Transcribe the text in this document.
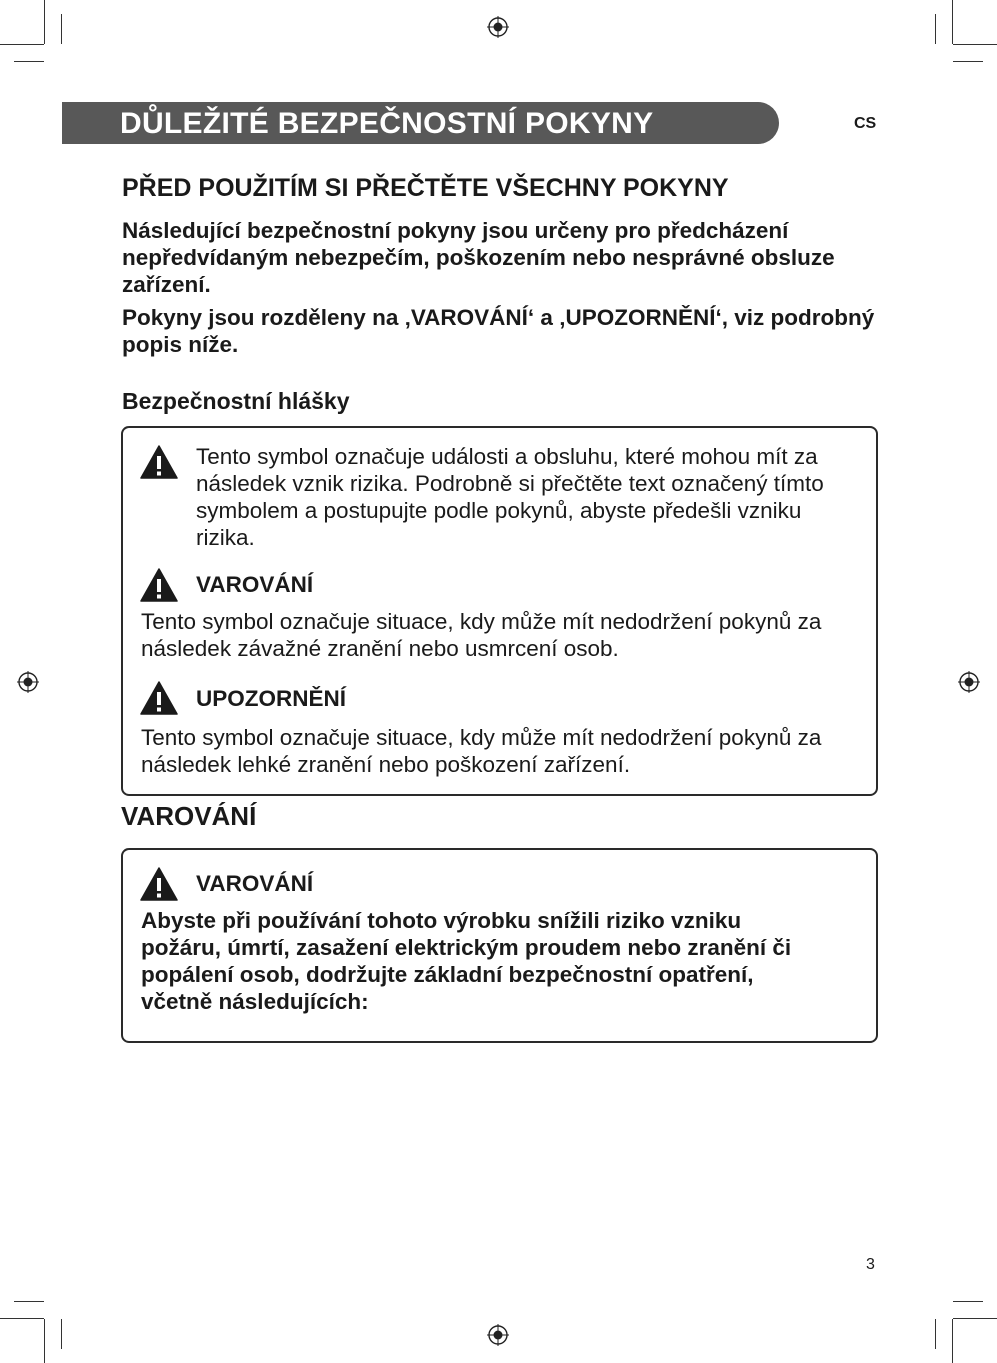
DŮLEŽITÉ BEZPEČNOSTNÍ POKYNY	CS
PŘED POUŽITÍM SI PŘEČTĚTE VŠECHNY POKYNY

Následující bezpečnostní pokyny jsou určeny pro předcházení nepředvídaným nebezpečím, poškozením nebo nesprávné obsluze zařízení.

Pokyny jsou rozděleny na ‚VAROVÁNÍ‘ a ‚UPOZORNĚNÍ‘, viz podrobný popis níže.

Bezpečnostní hlášky

Tento symbol označuje události a obsluhu, které mohou mít za následek vznik rizika. Podrobně si přečtěte text označený tímto symbolem a postupujte podle pokynů, abyste předešli vzniku rizika.

VAROVÁNÍ

Tento symbol označuje situace, kdy může mít nedodržení pokynů za následek závažné zranění nebo usmrcení osob.

UPOZORNĚNÍ

Tento symbol označuje situace, kdy může mít nedodržení pokynů za následek lehké zranění nebo poškození zařízení.

VAROVÁNÍ
VAROVÁNÍ

Abyste při používání tohoto výrobku snížili riziko vzniku požáru, úmrtí, zasažení elektrickým proudem nebo zranění či popálení osob, dodržujte základní bezpečnostní opatření, včetně následujících:

3
